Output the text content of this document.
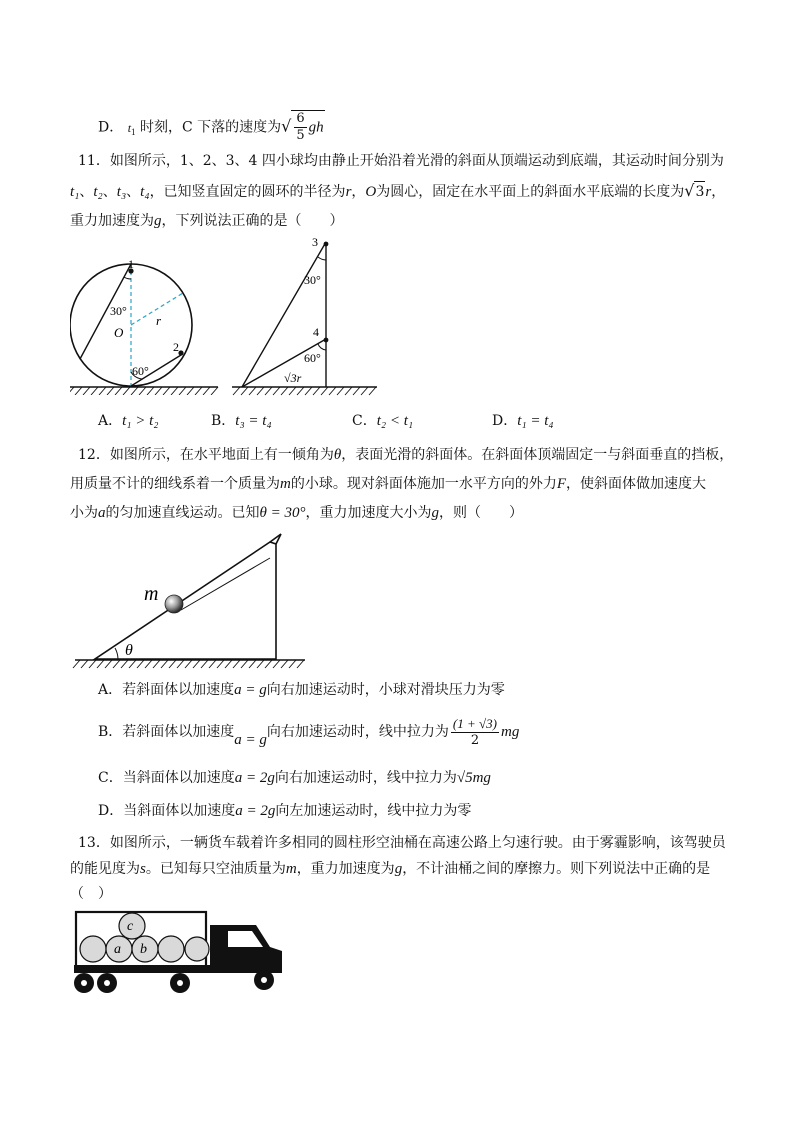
D． $t_1$ 时刻，C 下落的速度为√ $\frac{6}{5}$ gh
11．如图所示，1、2、3、4 四小球均由静止开始沿着光滑的斜面从顶端运动到底端，其运动时间分别为
t₁、t₂、t₃、t₄，已知竖直固定的圆环的半径为r，O为圆心，固定在水平面上的斜面水平底端的长度为√3r，
重力加速度为g，下列说法正确的是（　　）
1
2
O
r
30°
60°
3
4
30°
60°
√3r
A．t₁ > t₂	B．t₃ = t₄	C．t₂ < t₁	D．t₁ = t₄
12．如图所示，在水平地面上有一倾角为θ，表面光滑的斜面体。在斜面体顶端固定一与斜面垂直的挡板，
用质量不计的细线系着一个质量为m的小球。现对斜面体施加一水平方向的外力F，使斜面体做加速度大
小为a的匀加速直线运动。已知θ = 30°，重力加速度大小为g，则（　　）
m
θ
A．若斜面体以加速度a = g向右加速运动时，小球对滑块压力为零
B．若斜面体以加速度a = g向右加速运动时，线中拉力为 $\frac{(1 + √3)}{2}$ mg
C．当斜面体以加速度a = 2g向右加速运动时，线中拉力为√5mg
D．当斜面体以加速度a = 2g向左加速运动时，线中拉力为零
13．如图所示，一辆货车载着许多相同的圆柱形空油桶在高速公路上匀速行驶。由于雾霾影响，该驾驶员
的能见度为s。已知每只空油质量为m，重力加速度为g，不计油桶之间的摩擦力。则下列说法中正确的是
（　）
c
a b
